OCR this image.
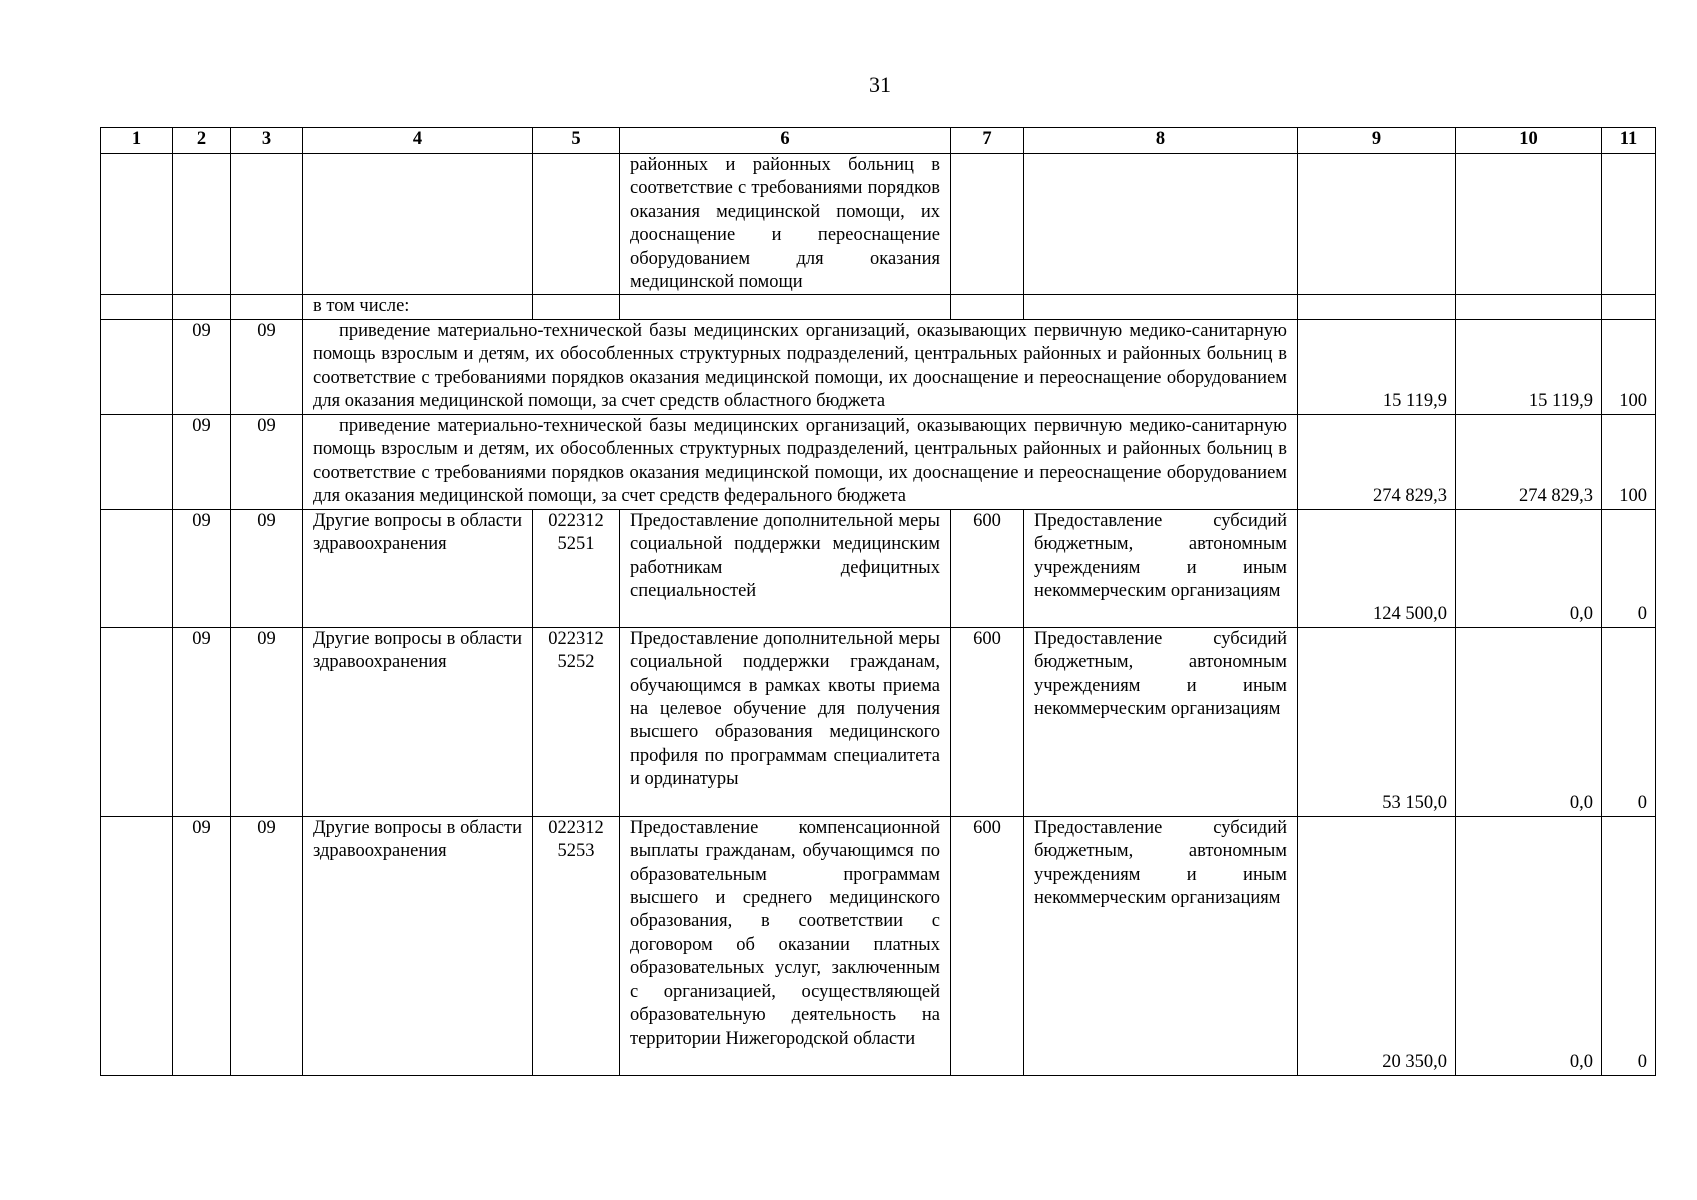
31
1	2	3	4	5	6	7	8	9	10	11
					районных и районных больниц в соответствие с требованиями порядков оказания медицинской помощи, их дооснащение и переоснащение оборудованием для оказания медицинской помощи					
			в том числе:							
	09	09	приведение материально-технической базы медицинских организаций, оказывающих первичную медико-санитарную помощь взрослым и детям, их обособленных структурных подразделений, центральных районных и районных больниц в соответствие с требованиями порядков оказания медицинской помощи, их дооснащение и переоснащение оборудованием для оказания медицинской помощи, за счет средств областного бюджета					15 119,9	15 119,9	100
	09	09	приведение материально-технической базы медицинских организаций, оказывающих первичную медико-санитарную помощь взрослым и детям, их обособленных структурных подразделений, центральных районных и районных больниц в соответствие с требованиями порядков оказания медицинской помощи, их дооснащение и переоснащение оборудованием для оказания медицинской помощи, за счет средств федерального бюджета					274 829,3	274 829,3	100
	09	09	Другие вопросы в области здравоохранения	022312
5251	Предоставление дополнительной меры социальной поддержки медицинским работникам дефицитных специальностей	600	Предоставление субсидий бюджетным, автономным учреждениям и иным некоммерческим организациям	124 500,0	0,0	0
	09	09	Другие вопросы в области здравоохранения	022312
5252	Предоставление дополнительной меры социальной поддержки гражданам, обучающимся в рамках квоты приема на целевое обучение для получения высшего образования медицинского профиля по программам специалитета и ординатуры	600	Предоставление субсидий бюджетным, автономным учреждениям и иным некоммерческим организациям	53 150,0	0,0	0
	09	09	Другие вопросы в области здравоохранения	022312
5253	Предоставление компенсационной выплаты гражданам, обучающимся по образовательным программам высшего и среднего медицинского образования, в соответствии с договором об оказании платных образовательных услуг, заключенным с организацией, осуществляющей образовательную деятельность на территории Нижегородской области	600	Предоставление субсидий бюджетным, автономным учреждениям и иным некоммерческим организациям	20 350,0	0,0	0
